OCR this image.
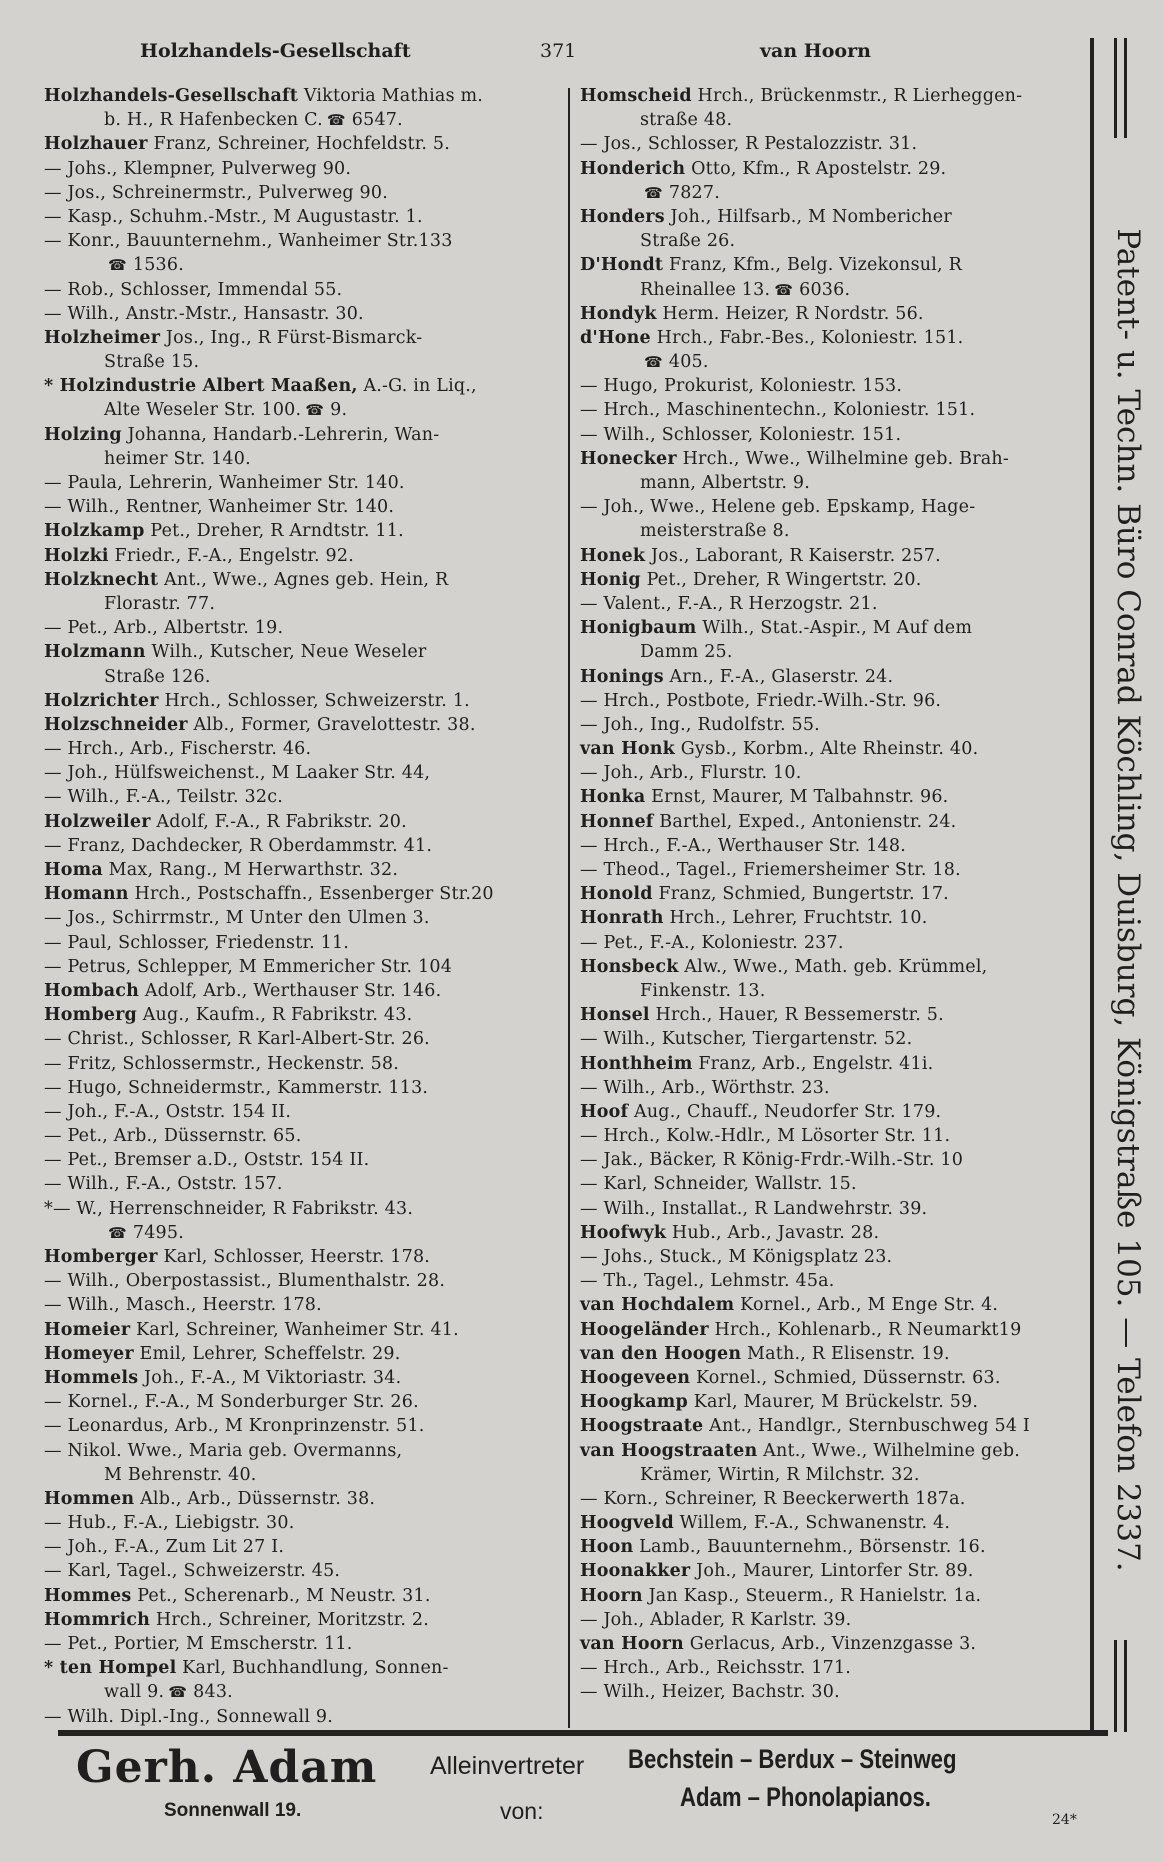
Holzhandels-Gesellschaft	371	van Hoorn
Holzhandels-Gesellschaft Viktoria Mathias m.
b. H., R Hafenbecken C. ☎ 6547.
Holzhauer Franz, Schreiner, Hochfeldstr. 5.
— Johs., Klempner, Pulverweg 90.
— Jos., Schreinermstr., Pulverweg 90.
— Kasp., Schuhm.-Mstr., M Augustastr. 1.
— Konr., Bauunternehm., Wanheimer Str.133
☎ 1536.
— Rob., Schlosser, Immendal 55.
— Wilh., Anstr.-Mstr., Hansastr. 30.
Holzheimer Jos., Ing., R Fürst-Bismarck-
Straße 15.
* Holzindustrie Albert Maaßen, A.-G. in Liq.,
Alte Weseler Str. 100. ☎ 9.
Holzing Johanna, Handarb.-Lehrerin, Wan-
heimer Str. 140.
— Paula, Lehrerin, Wanheimer Str. 140.
— Wilh., Rentner, Wanheimer Str. 140.
Holzkamp Pet., Dreher, R Arndtstr. 11.
Holzki Friedr., F.-A., Engelstr. 92.
Holzknecht Ant., Wwe., Agnes geb. Hein, R
Florastr. 77.
— Pet., Arb., Albertstr. 19.
Holzmann Wilh., Kutscher, Neue Weseler
Straße 126.
Holzrichter Hrch., Schlosser, Schweizerstr. 1.
Holzschneider Alb., Former, Gravelottestr. 38.
— Hrch., Arb., Fischerstr. 46.
— Joh., Hülfsweichenst., M Laaker Str. 44,
— Wilh., F.-A., Teilstr. 32c.
Holzweiler Adolf, F.-A., R Fabrikstr. 20.
— Franz, Dachdecker, R Oberdammstr. 41.
Homa Max, Rang., M Herwarthstr. 32.
Homann Hrch., Postschaffn., Essenberger Str.20
— Jos., Schirrmstr., M Unter den Ulmen 3.
— Paul, Schlosser, Friedenstr. 11.
— Petrus, Schlepper, M Emmericher Str. 104
Hombach Adolf, Arb., Werthauser Str. 146.
Homberg Aug., Kaufm., R Fabrikstr. 43.
— Christ., Schlosser, R Karl-Albert-Str. 26.
— Fritz, Schlossermstr., Heckenstr. 58.
— Hugo, Schneidermstr., Kammerstr. 113.
— Joh., F.-A., Oststr. 154 II.
— Pet., Arb., Düssernstr. 65.
— Pet., Bremser a.D., Oststr. 154 II.
— Wilh., F.-A., Oststr. 157.
*— W., Herrenschneider, R Fabrikstr. 43.
☎ 7495.
Homberger Karl, Schlosser, Heerstr. 178.
— Wilh., Oberpostassist., Blumenthalstr. 28.
— Wilh., Masch., Heerstr. 178.
Homeier Karl, Schreiner, Wanheimer Str. 41.
Homeyer Emil, Lehrer, Scheffelstr. 29.
Hommels Joh., F.-A., M Viktoriastr. 34.
— Kornel., F.-A., M Sonderburger Str. 26.
— Leonardus, Arb., M Kronprinzenstr. 51.
— Nikol. Wwe., Maria geb. Overmanns,
M Behrenstr. 40.
Hommen Alb., Arb., Düssernstr. 38.
— Hub., F.-A., Liebigstr. 30.
— Joh., F.-A., Zum Lit 27 I.
— Karl, Tagel., Schweizerstr. 45.
Hommes Pet., Scherenarb., M Neustr. 31.
Hommrich Hrch., Schreiner, Moritzstr. 2.
— Pet., Portier, M Emscherstr. 11.
* ten Hompel Karl, Buchhandlung, Sonnen-
wall 9. ☎ 843.
— Wilh. Dipl.-Ing., Sonnewall 9.
Homscheid Hrch., Brückenmstr., R Lierheggen-
straße 48.
— Jos., Schlosser, R Pestalozzistr. 31.
Honderich Otto, Kfm., R Apostelstr. 29.
☎ 7827.
Honders Joh., Hilfsarb., M Nombericher
Straße 26.
D'Hondt Franz, Kfm., Belg. Vizekonsul, R
Rheinallee 13. ☎ 6036.
Hondyk Herm. Heizer, R Nordstr. 56.
d'Hone Hrch., Fabr.-Bes., Koloniestr. 151.
☎ 405.
— Hugo, Prokurist, Koloniestr. 153.
— Hrch., Maschinentechn., Koloniestr. 151.
— Wilh., Schlosser, Koloniestr. 151.
Honecker Hrch., Wwe., Wilhelmine geb. Brah-
mann, Albertstr. 9.
— Joh., Wwe., Helene geb. Epskamp, Hage-
meisterstraße 8.
Honek Jos., Laborant, R Kaiserstr. 257.
Honig Pet., Dreher, R Wingertstr. 20.
— Valent., F.-A., R Herzogstr. 21.
Honigbaum Wilh., Stat.-Aspir., M Auf dem
Damm 25.
Honings Arn., F.-A., Glaserstr. 24.
— Hrch., Postbote, Friedr.-Wilh.-Str. 96.
— Joh., Ing., Rudolfstr. 55.
van Honk Gysb., Korbm., Alte Rheinstr. 40.
— Joh., Arb., Flurstr. 10.
Honka Ernst, Maurer, M Talbahnstr. 96.
Honnef Barthel, Exped., Antonienstr. 24.
— Hrch., F.-A., Werthauser Str. 148.
— Theod., Tagel., Friemersheimer Str. 18.
Honold Franz, Schmied, Bungertstr. 17.
Honrath Hrch., Lehrer, Fruchtstr. 10.
— Pet., F.-A., Koloniestr. 237.
Honsbeck Alw., Wwe., Math. geb. Krümmel,
Finkenstr. 13.
Honsel Hrch., Hauer, R Bessemerstr. 5.
— Wilh., Kutscher, Tiergartenstr. 52.
Honthheim Franz, Arb., Engelstr. 41i.
— Wilh., Arb., Wörthstr. 23.
Hoof Aug., Chauff., Neudorfer Str. 179.
— Hrch., Kolw.-Hdlr., M Lösorter Str. 11.
— Jak., Bäcker, R König-Frdr.-Wilh.-Str. 10
— Karl, Schneider, Wallstr. 15.
— Wilh., Installat., R Landwehrstr. 39.
Hoofwyk Hub., Arb., Javastr. 28.
— Johs., Stuck., M Königsplatz 23.
— Th., Tagel., Lehmstr. 45a.
van Hochdalem Kornel., Arb., M Enge Str. 4.
Hoogeländer Hrch., Kohlenarb., R Neumarkt19
van den Hoogen Math., R Elisenstr. 19.
Hoogeveen Kornel., Schmied, Düssernstr. 63.
Hoogkamp Karl, Maurer, M Brückelstr. 59.
Hoogstraate Ant., Handlgr., Sternbuschweg 54 I
van Hoogstraaten Ant., Wwe., Wilhelmine geb.
Krämer, Wirtin, R Milchstr. 32.
— Korn., Schreiner, R Beeckerwerth 187a.
Hoogveld Willem, F.-A., Schwanenstr. 4.
Hoon Lamb., Bauunternehm., Börsenstr. 16.
Hoonakker Joh., Maurer, Lintorfer Str. 89.
Hoorn Jan Kasp., Steuerm., R Hanielstr. 1a.
— Joh., Ablader, R Karlstr. 39.
van Hoorn Gerlacus, Arb., Vinzenzgasse 3.
— Hrch., Arb., Reichsstr. 171.
— Wilh., Heizer, Bachstr. 30.
Patent- u. Techn. Büro Conrad Köchling, Duisburg, Königstraße 105. — Telefon 2337.
Gerh. Adam
Sonnenwall 19.
Alleinvertreter
von:
Bechstein – Berdux – Steinweg
Adam – Phonolapianos.
24*
